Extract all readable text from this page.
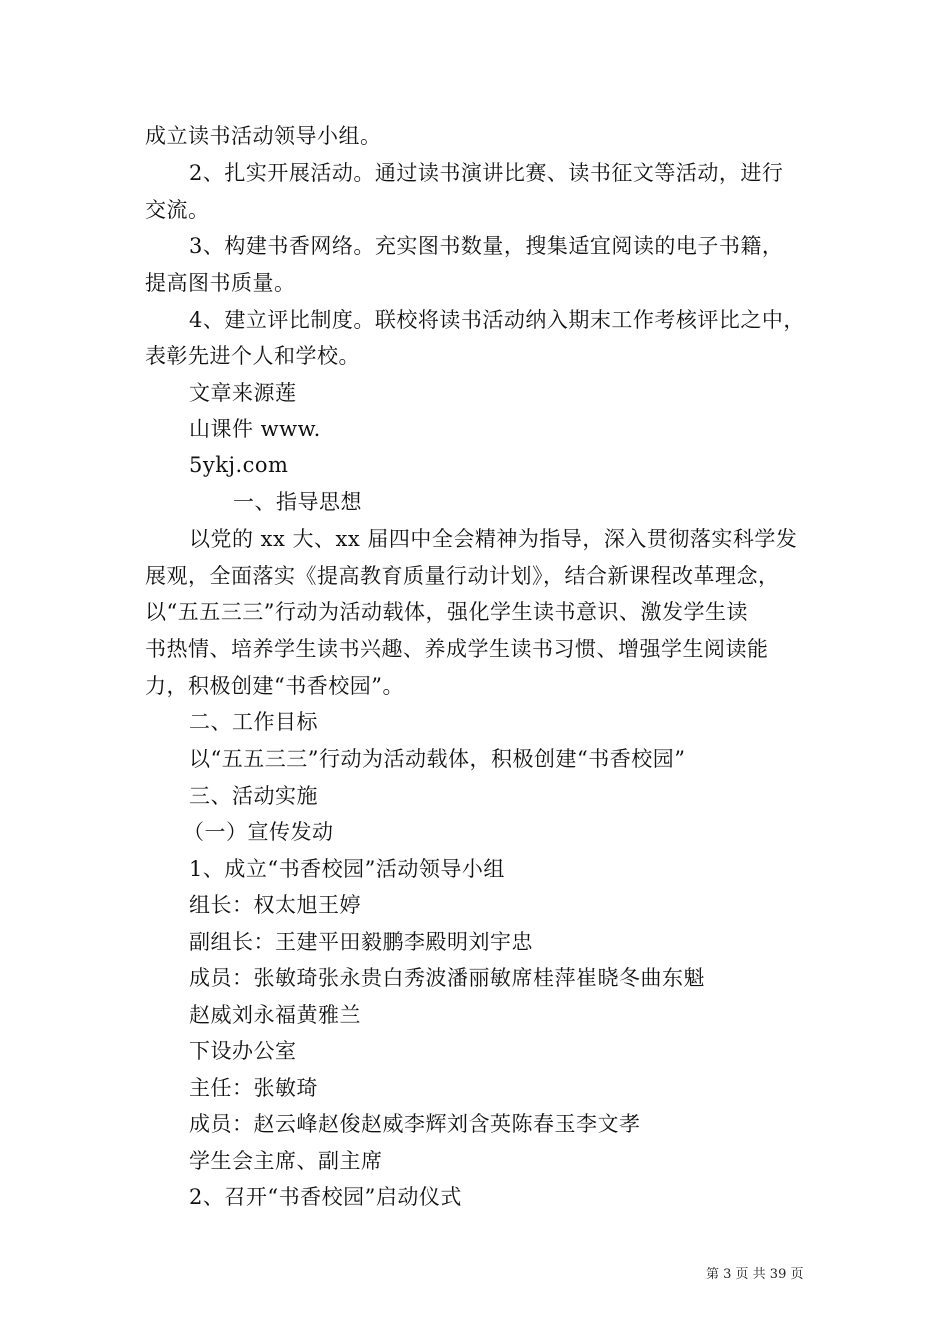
成立读书活动领导小组。
2、扎实开展活动。通过读书演讲比赛、读书征文等活动，进行
交流。
3、构建书香网络。充实图书数量，搜集适宜阅读的电子书籍，
提高图书质量。
4、建立评比制度。联校将读书活动纳入期末工作考核评比之中，
表彰先进个人和学校。
文章来源莲
山课件 www.
5ykj.com
一、指导思想
以党的 xx 大、xx 届四中全会精神为指导，深入贯彻落实科学发
展观，全面落实《提高教育质量行动计划》，结合新课程改革理念，
以“五五三三”行动为活动载体，强化学生读书意识、激发学生读
书热情、培养学生读书兴趣、养成学生读书习惯、增强学生阅读能
力，积极创建“书香校园”。
二、工作目标
以“五五三三”行动为活动载体，积极创建“书香校园”
三、活动实施
（一）宣传发动
1、成立“书香校园”活动领导小组
组长：权太旭王婷
副组长：王建平田毅鹏李殿明刘宇忠
成员：张敏琦张永贵白秀波潘丽敏席桂萍崔晓冬曲东魁
赵威刘永福黄雅兰
下设办公室
主任：张敏琦
成员：赵云峰赵俊赵威李辉刘含英陈春玉李文孝
学生会主席、副主席
2、召开“书香校园”启动仪式
第 3 页 共 39 页
